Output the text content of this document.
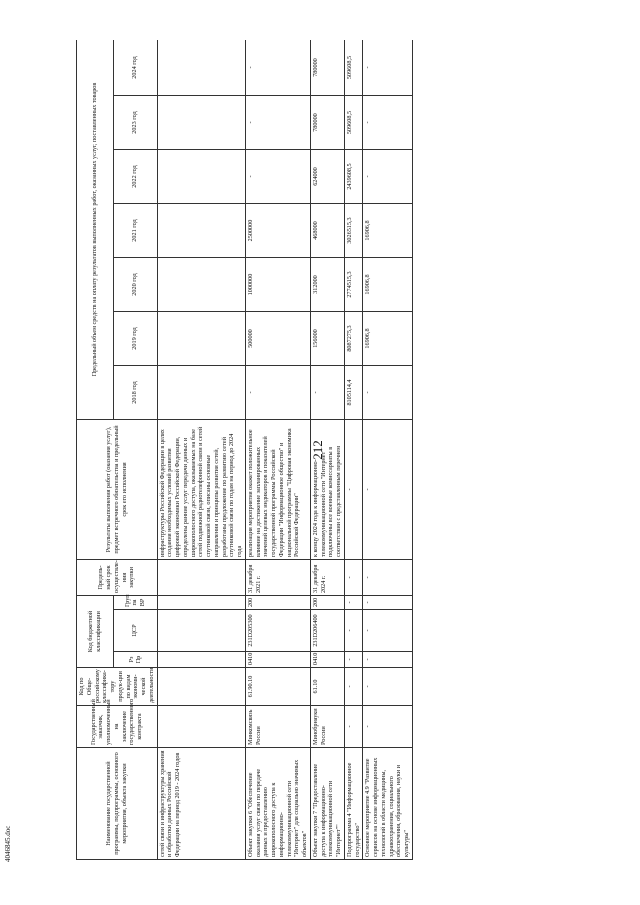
212
Наименование государственной программы, подпрограммы, основного мероприятия, объекта закупки	Государственный заказчик, уполномоченный на заключение государственного контракта	Код по Обще-российскому классифика-тору продук-ции по видам экономи-ческой деятельности	Код бюджетной классификации			Предель-ный срок осуществле-ния закупки	Результаты выполнения работ (оказания услуг), предмет встречного обязательства и предельный срок его исполнения	Предельный объем средств на оплату результатов выполненных работ, оказанных услуг, поставленных товаров						
			Рз Пр	ЦСР	Груп па ВР			2018 год	2019 год	2020 год	2021 год	2022 год	2023 год	2024 год

сетей связи и инфраструктуры хранения и обработки данных Российской Федерации на период 2019 - 2024 годов							инфраструктуры Российской Федерации в целях создания необходимых условий развития цифровой экономики Российской Федерации, определены ранние услуг передачи данных и широкополосного доступа, оказываемых на базе сетей подвижной радиотелефонной связи и сетей спутниковой связи, описаны основные направления и принципы развития сетей, разработаны предложение по развитию сетей спутниковой связи по годам на период до 2024 года							
Объект закупки 6 "Обеспечение оказания услуг связи по передаче данных и предоставлению широкополосного доступа к информационно-телекоммуникационной сети "Интернет" для социально значимых объектов"	Минкомсвязь России	61.90.10	0410	231D205300	200	31 декабря 2021 г.	реализация мероприятия окажет положительное влияние на достижение запланированных значений целевых индикаторов и показателей государственной программы Российской Федерации "Информационное общество" и национальной программы "Цифровая экономика Российской Федерации"	-	500000	1000000	2500000	-	-	-
Объект закупки 7 "Предоставление доступа к информационно-телекоммуникационной сети "Интернет""	Минобрнауки России	61.10	0410	231D206400	200	31 декабря 2024 г.	к концу 2024 года к информационно-телекоммуникационной сети "Интернет" подключены все военные комиссариаты в соответствии с представленным перечнем	-	156000	312000	468000	624000	780000	780000
Подпрограмма 4 "Информационное государство"	-	-	-	-	-	-	-	8105114,4	8087275,3	2774515,3	3026515,3	2439608,5	509608,5	509608,5
Основное мероприятие 4.9 "Развитие сервисов на основе информационных технологий в области медицины, здравоохранения, социального обеспечения, образования, науки и культуры"	-	-	-	-	-	-	-	-	16906,8	16906,8	16906,8	-	-	-
4046845.doc
